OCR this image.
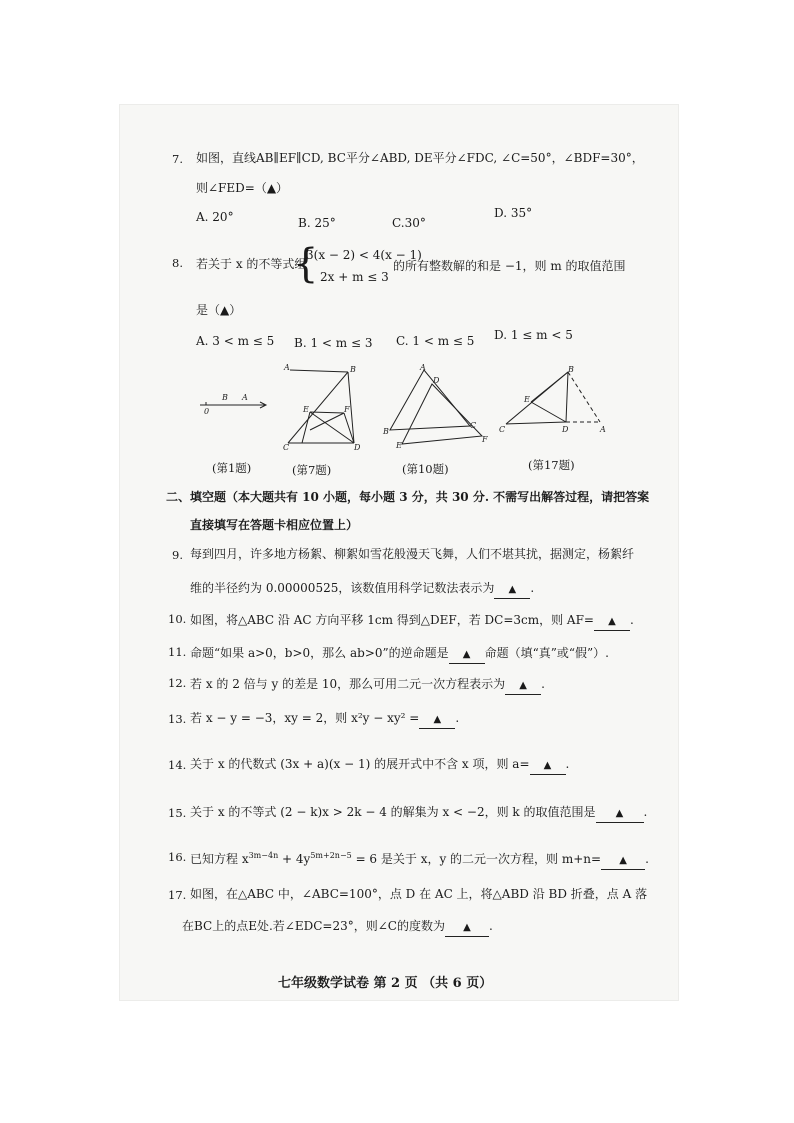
7. 如图，直线AB∥EF∥CD, BC平分∠ABD, DE平分∠FDC, ∠C=50°，∠BDF=30°，
则∠FED=（▲）
A. 20°	B. 25°	C.30°
D. 35°
8. 若关于 x 的不等式组
{
3(x − 2) < 4(x − 1)
2x + m ≤ 3
的所有整数解的和是 −1，则 m 的取值范围
是（▲）
A. 3 < m ≤ 5 B. 1 < m ≤ 3 C. 1 < m ≤ 5 D. 1 ≤ m < 5
0
B A
A	B
E	F
C	D
A
D
B
C
E
F
B
E
C	D	A
(第1题)	(第7题)	(第10题)	(第17题)
二、填空题（本大题共有 10 小题，每小题 3 分，共 30 分. 不需写出解答过程，请把答案
直接填写在答题卡相应位置上）
9. 每到四月，许多地方杨絮、柳絮如雪花般漫天飞舞，人们不堪其扰，据测定，杨絮纤
维的半径约为 0.00000525，该数值用科学记数法表示为 ▲ .
10. 如图，将△ABC 沿 AC 方向平移 1cm 得到△DEF，若 DC=3cm，则 AF= ▲ .
11. 命题“如果 a>0，b>0，那么 ab>0”的逆命题是 ▲ 命题（填“真”或“假”）.
12. 若 x 的 2 倍与 y 的差是 10，那么可用二元一次方程表示为 ▲ .
13. 若 x − y = −3，xy = 2，则 x²y − xy² = ▲ .
14. 关于 x 的代数式 (3x + a)(x − 1) 的展开式中不含 x 项，则 a= ▲ .
15. 关于 x 的不等式 (2 − k)x > 2k − 4 的解集为 x < −2，则 k 的取值范围是 ▲ .
16. 已知方程 $x^{3m-4n} + 4y^{5m+2n-5} = 6$ 是关于 x，y 的二元一次方程，则 m+n= ▲ .
17. 如图，在△ABC 中，∠ABC=100°，点 D 在 AC 上，将△ABD 沿 BD 折叠，点 A 落
在BC上的点E处.若∠EDC=23°，则∠C的度数为 ▲ .
七年级数学试卷 第 2 页 （共 6 页）
